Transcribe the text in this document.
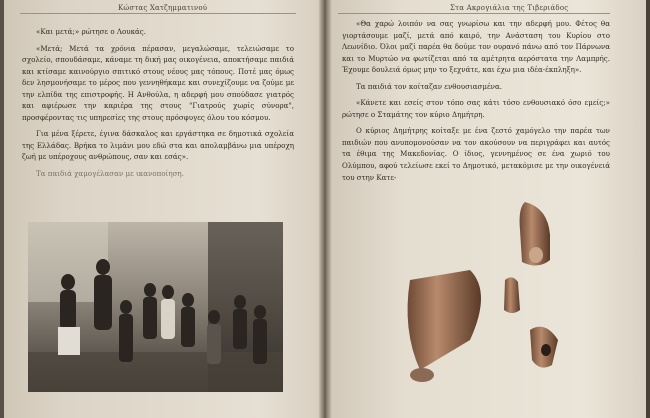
Κώστας Χατζημματινού

«Και μετά;» ρώτησε ο Λουκάς.

«Μετά; Μετά τα χρόνια πέρασαν, μεγαλώσαμε, τελειώσαμε το σχολείο, σπουδάσαμε, κάναμε τη δική μας οικογένεια, αποκτήσαμε παιδιά και κτίσαμε καινούργιο σπιτικό στους νέους μας τόπους. Ποτέ μας όμως δεν λησμονήσαμε το μέρος που γεννηθήκαμε και συνεχίζουμε να ζούμε με την ελπίδα της επιστροφής. Η Ανθούλα, η αδερφή μου σπούδασε γιατρός και αφιέρωσε την καριέρα της στους "Γιατρούς χωρίς σύνορα", προσφέροντας τις υπηρεσίες της στους πρόσφυγες όλου του κόσμου.

Για μένα ξέρετε, έγινα δάσκαλος και εργάστηκα σε δημοτικά σχολεία της Ελλάδας. Βρήκα το λιμάνι μου εδώ στα και απολαμβάνω μια υπέροχη ζωή με υπέροχους ανθρώπους, σαν και εσάς».

Τα παιδιά χαμογέλασαν με ικανοποίηση.

Στα Ακρογιάλια της Τιβεριάδος

«Θα χαρώ λοιπόν να σας γνωρίσω και την αδερφή μου. Φέτος θα γιορτάσουμε μαζί, μετά από καιρό, την Ανάσταση του Κυρίου στο Λεωνίδιο. Όλοι μαζί παρέα θα δούμε τον ουρανό πάνω από τον Πάρνωνα και το Μυρτώο να φωτίζεται από τα αμέτρητα αερόστατα την Λαμπρής. Έχουμε δουλειά όμως μην το ξεχνάτε, και έχω μια ιδέα-έκπληξη».

Τα παιδιά τον κοίταζαν ενθουσιασμένα.

«Κάνετε και εσείς στον τόπο σας κάτι τόσο ενθουσιακό όσο εμείς;» ρώτησε ο Σταμάτης τον κύριο Δημήτρη.

Ο κύριος Δημήτρης κοίταξε με ένα ζεστό χαμόγελο την παρέα των παιδιών που ανυπομονούσαν να τον ακούσουν να περιγράφει και αυτός τα έθιμα της Μακεδονίας. Ο ίδιος, γεννημένος σε ένα χωριό του Ολύμπου, αφού τελείωσε εκεί το Δημοτικό, μετακόμισε με την οικογένειά του στην Κατε-
